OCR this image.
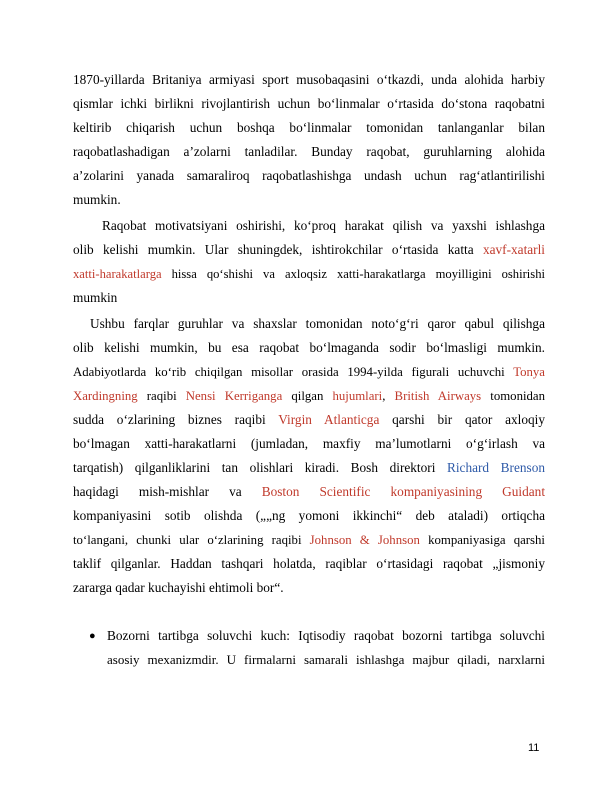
1870-yillarda Britaniya armiyasi sport musobaqasini oʻtkazdi, unda alohida harbiy
qismlar ichki birlikni rivojlantirish uchun boʻlinmalar oʻrtasida doʻstona raqobatni
keltirib chiqarish uchun boshqa boʻlinmalar tomonidan tanlanganlar bilan
raqobatlashadigan aʼzolarni tanladilar. Bunday raqobat, guruhlarning alohida
aʼzolarini yanada samaraliroq raqobatlashishga undash uchun ragʻatlantirilishi
mumkin.
Raqobat motivatsiyani oshirishi, koʻproq harakat qilish va yaxshi ishlashga
olib kelishi mumkin. Ular shuningdek, ishtirokchilar oʻrtasida katta xavf-xatarli
xatti-harakatlarga hissa qoʻshishi va axloqsiz xatti-harakatlarga moyilligini oshirishi
mumkin
Ushbu farqlar guruhlar va shaxslar tomonidan notoʻgʻri qaror qabul qilishga
olib kelishi mumkin, bu esa raqobat boʻlmaganda sodir boʻlmasligi mumkin.
Adabiyotlarda koʻrib chiqilgan misollar orasida 1994-yilda figurali uchuvchi Tonya
Xardingning raqibi Nensi Kerriganga qilgan hujumlari, British Airways tomonidan
sudda oʻzlarining biznes raqibi Virgin Atlanticga qarshi bir qator axloqiy
boʻlmagan xatti-harakatlarni (jumladan, maxfiy maʼlumotlarni oʻgʻirlash va
tarqatish) qilganliklarini tan olishlari kiradi. Bosh direktori Richard Brenson
haqidagi mish-mishlar va Boston Scientific kompaniyasining Guidant
kompaniyasini sotib olishda („„ng yomoni ikkinchi“ deb ataladi) ortiqcha
toʻlangani, chunki ular oʻzlarining raqibi Johnson & Johnson kompaniyasiga qarshi
taklif qilganlar. Haddan tashqari holatda, raqiblar oʻrtasidagi raqobat „jismoniy
zararga qadar kuchayishi ehtimoli bor“.
● Bozorni tartibga soluvchi kuch: Iqtisodiy raqobat bozorni tartibga soluvchi
asosiy mexanizmdir. U firmalarni samarali ishlashga majbur qiladi, narxlarni
11
